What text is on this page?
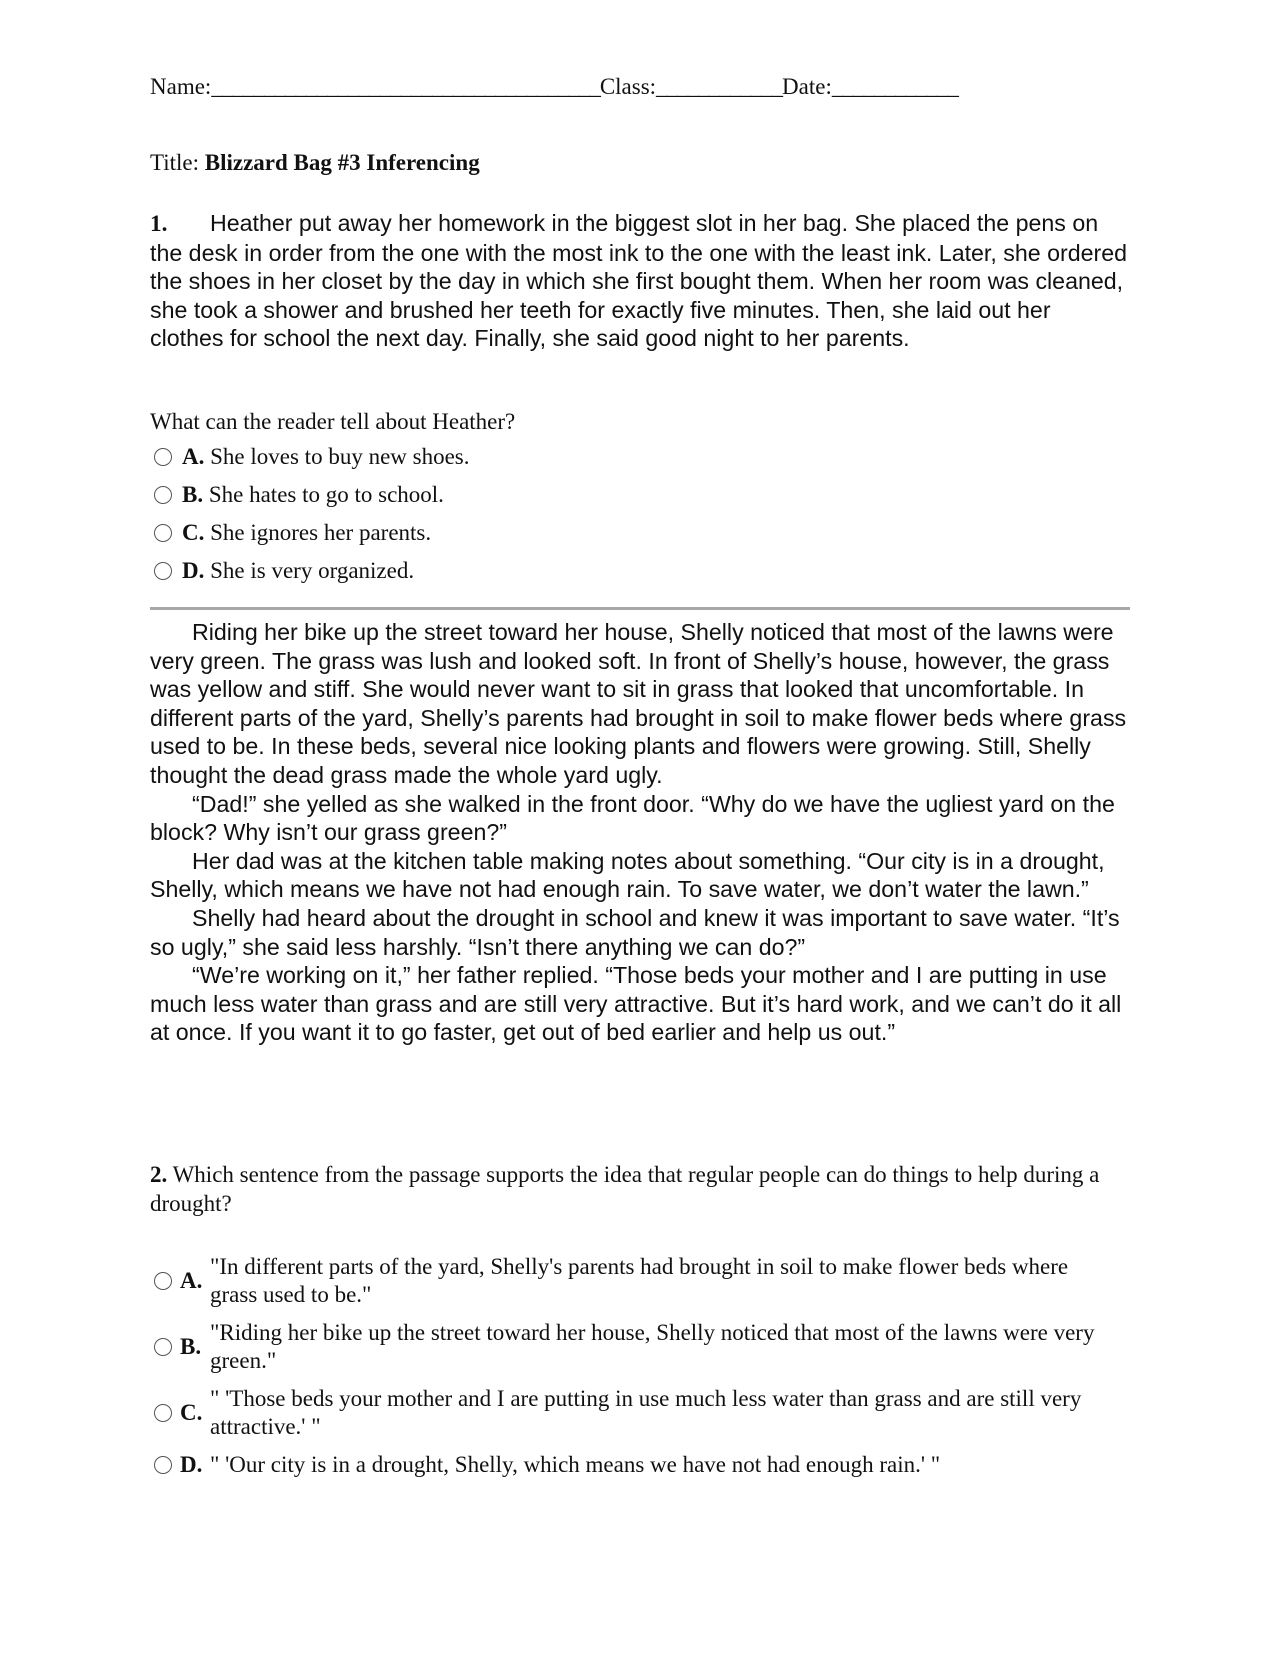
Name:_____________________________________Class:____________Date:____________
Title: Blizzard Bag #3 Inferencing
1. Heather put away her homework in the biggest slot in her bag. She placed the pens on the desk in order from the one with the most ink to the one with the least ink. Later, she ordered the shoes in her closet by the day in which she first bought them. When her room was cleaned, she took a shower and brushed her teeth for exactly five minutes. Then, she laid out her clothes for school the next day. Finally, she said good night to her parents.
What can the reader tell about Heather?
A. She loves to buy new shoes.
B. She hates to go to school.
C. She ignores her parents.
D. She is very organized.

Riding her bike up the street toward her house, Shelly noticed that most of the lawns were very green. The grass was lush and looked soft. In front of Shelly’s house, however, the grass was yellow and stiff. She would never want to sit in grass that looked that uncomfortable. In different parts of the yard, Shelly’s parents had brought in soil to make flower beds where grass used to be. In these beds, several nice looking plants and flowers were growing. Still, Shelly thought the dead grass made the whole yard ugly.

“Dad!” she yelled as she walked in the front door. “Why do we have the ugliest yard on the block? Why isn’t our grass green?”

Her dad was at the kitchen table making notes about something. “Our city is in a drought, Shelly, which means we have not had enough rain. To save water, we don’t water the lawn.”

Shelly had heard about the drought in school and knew it was important to save water. “It’s so ugly,” she said less harshly. “Isn’t there anything we can do?”

“We’re working on it,” her father replied. “Those beds your mother and I are putting in use much less water than grass and are still very attractive. But it’s hard work, and we can’t do it all at once. If you want it to go faster, get out of bed earlier and help us out.”

2. Which sentence from the passage supports the idea that regular people can do things to help during a drought?
A.
"In different parts of the yard, Shelly's parents had brought in soil to make flower beds where grass used to be."
B.
"Riding her bike up the street toward her house, Shelly noticed that most of the lawns were very green."
C.
" 'Those beds your mother and I are putting in use much less water than grass and are still very attractive.' "
D. " 'Our city is in a drought, Shelly, which means we have not had enough rain.' "
